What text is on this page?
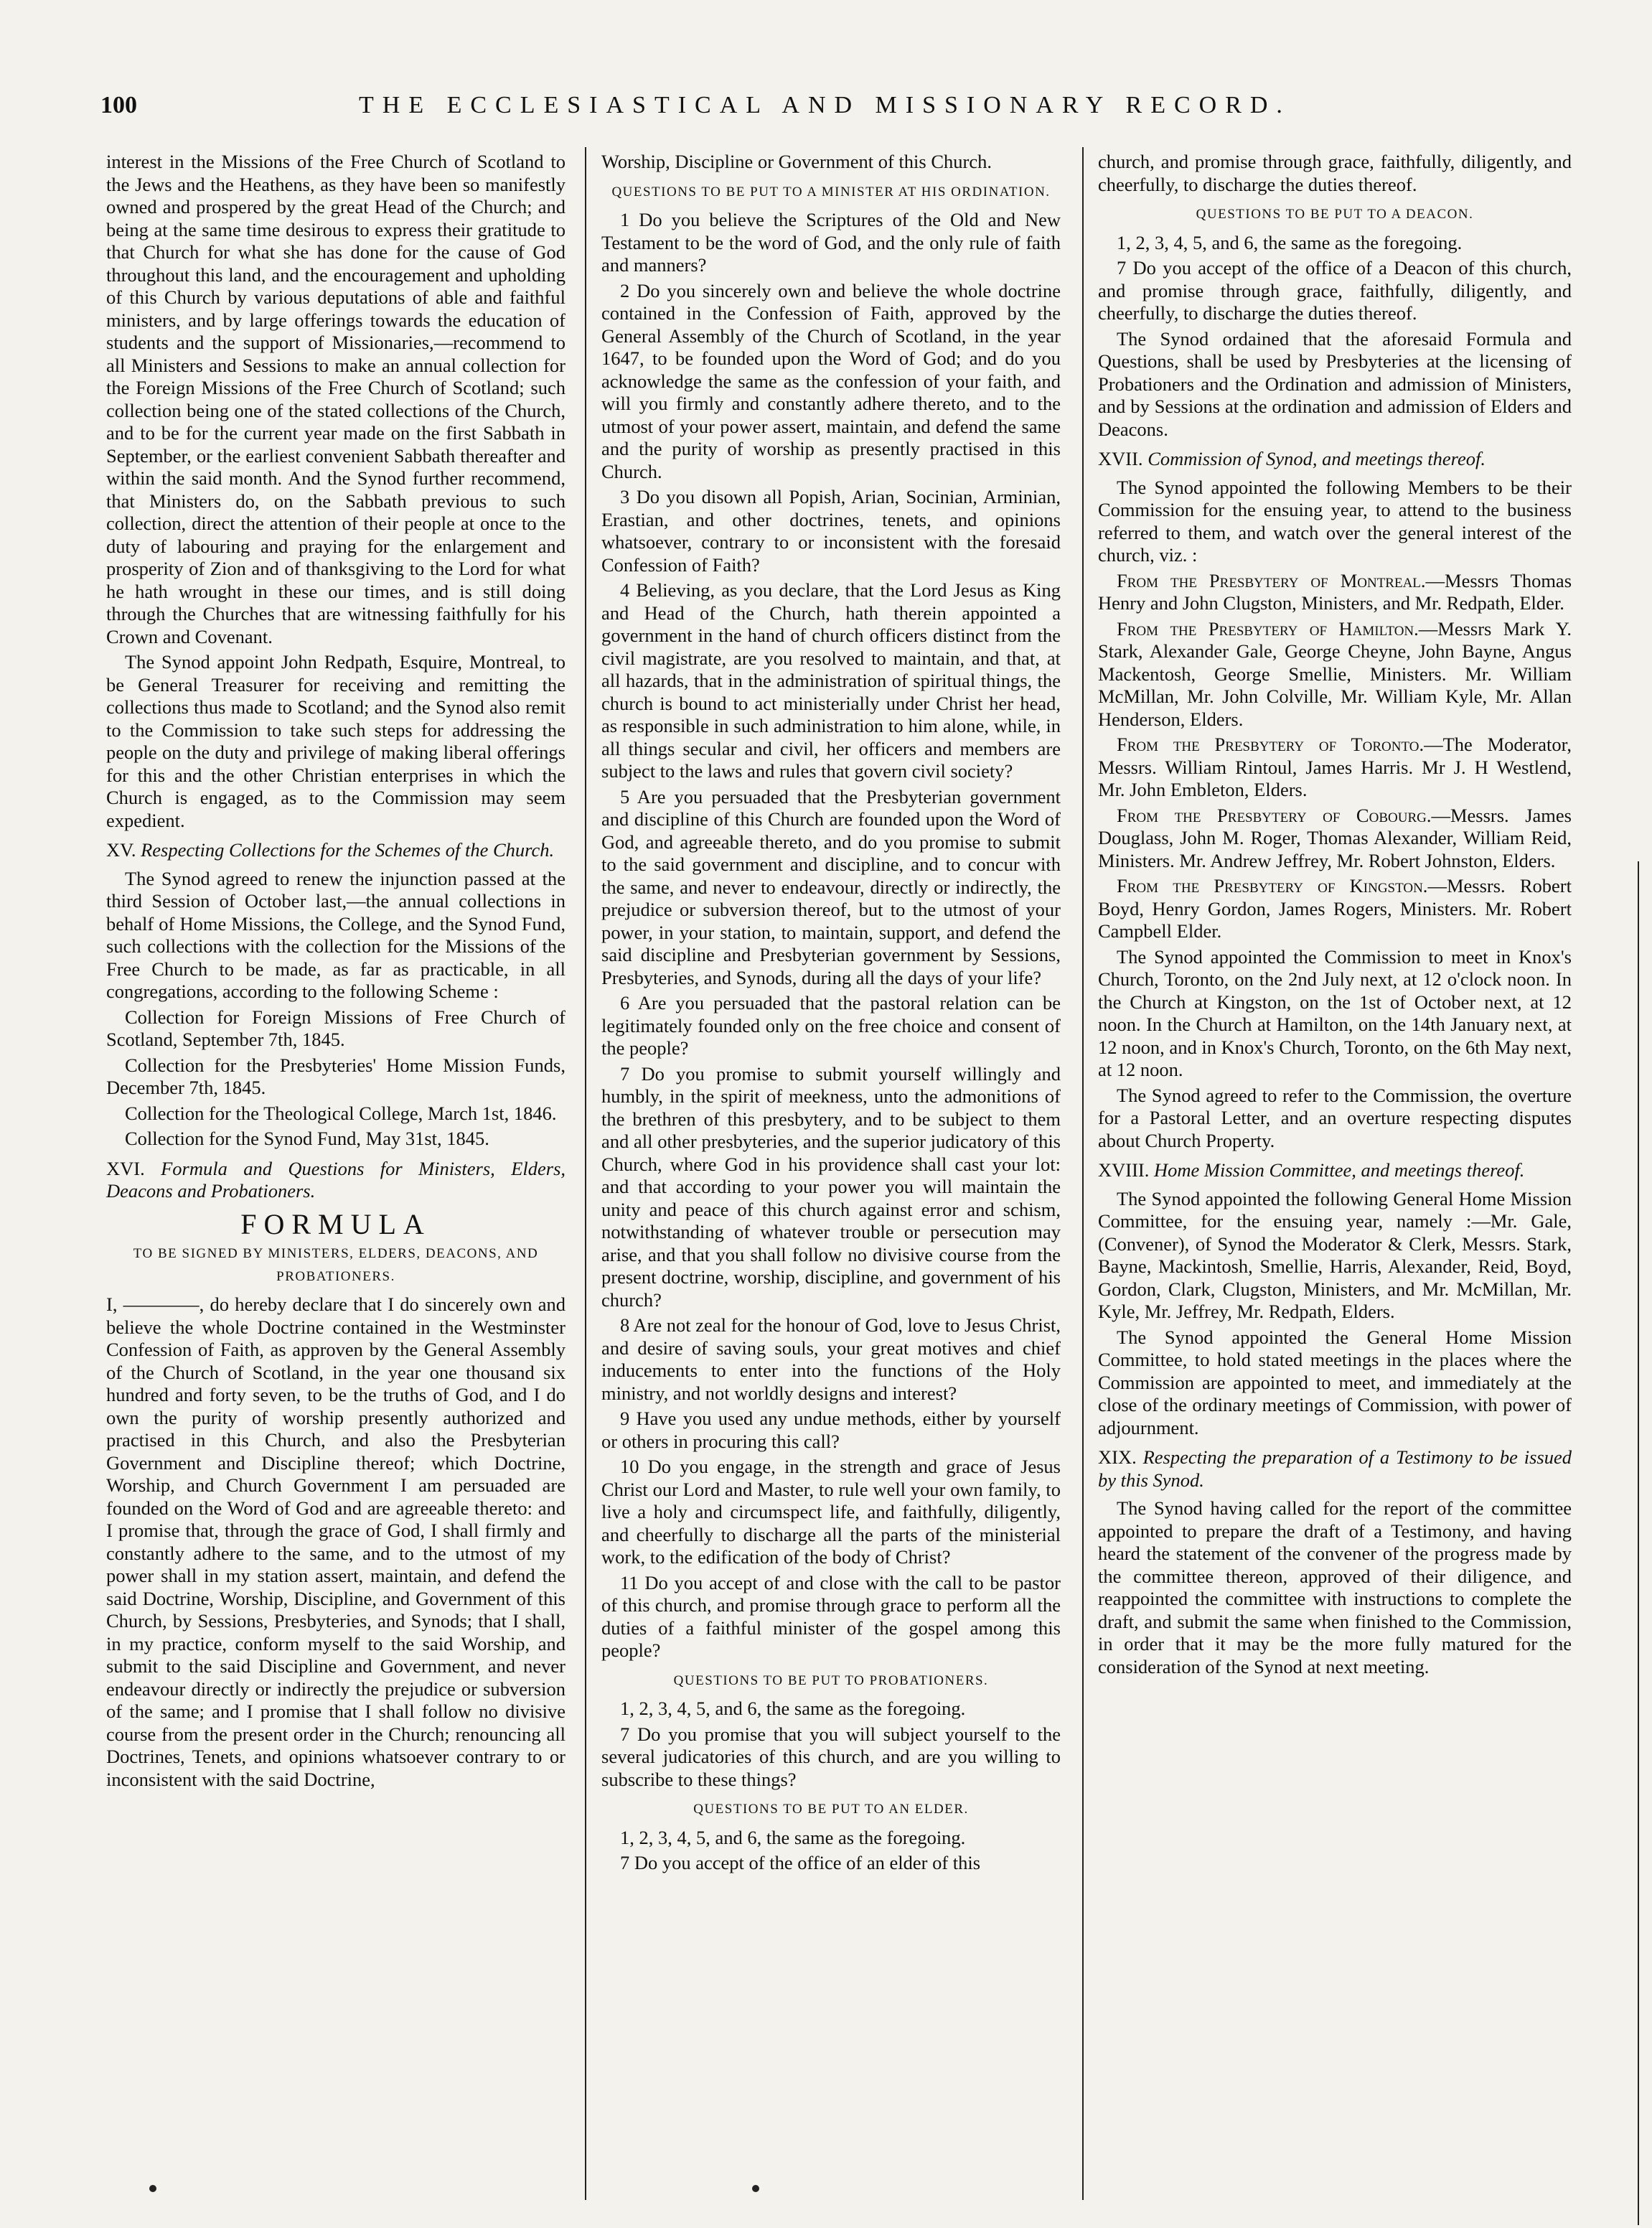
100	THE ECCLESIASTICAL AND MISSIONARY RECORD.

interest in the Missions of the Free Church of Scotland to the Jews and the Heathens, as they have been so manifestly owned and prospered by the great Head of the Church; and being at the same time desirous to express their gratitude to that Church for what she has done for the cause of God throughout this land, and the encouragement and upholding of this Church by various deputations of able and faithful ministers, and by large offerings towards the education of students and the support of Missionaries,—recommend to all Ministers and Sessions to make an annual collection for the Foreign Missions of the Free Church of Scotland; such collection being one of the stated collections of the Church, and to be for the current year made on the first Sabbath in September, or the earliest convenient Sabbath thereafter and within the said month. And the Synod further recommend, that Ministers do, on the Sabbath previous to such collection, direct the attention of their people at once to the duty of labouring and praying for the enlargement and prosperity of Zion and of thanksgiving to the Lord for what he hath wrought in these our times, and is still doing through the Churches that are witnessing faithfully for his Crown and Covenant.

The Synod appoint John Redpath, Esquire, Montreal, to be General Treasurer for receiving and remitting the collections thus made to Scotland; and the Synod also remit to the Commission to take such steps for addressing the people on the duty and privilege of making liberal offerings for this and the other Christian enterprises in which the Church is engaged, as to the Commission may seem expedient.

XV. Respecting Collections for the Schemes of the Church.

The Synod agreed to renew the injunction passed at the third Session of October last,—the annual collections in behalf of Home Missions, the College, and the Synod Fund, such collections with the collection for the Missions of the Free Church to be made, as far as practicable, in all congregations, according to the following Scheme :

Collection for Foreign Missions of Free Church of Scotland, September 7th, 1845.

Collection for the Presbyteries' Home Mission Funds, December 7th, 1845.

Collection for the Theological College, March 1st, 1846.

Collection for the Synod Fund, May 31st, 1845.

XVI. Formula and Questions for Ministers, Elders, Deacons and Probationers.

FORMULA

TO BE SIGNED BY MINISTERS, ELDERS, DEACONS, AND PROBATIONERS.

I, ————, do hereby declare that I do sincerely own and believe the whole Doctrine contained in the Westminster Confession of Faith, as approven by the General Assembly of the Church of Scotland, in the year one thousand six hundred and forty seven, to be the truths of God, and I do own the purity of worship presently authorized and practised in this Church, and also the Presbyterian Government and Discipline thereof; which Doctrine, Worship, and Church Government I am persuaded are founded on the Word of God and are agreeable thereto: and I promise that, through the grace of God, I shall firmly and constantly adhere to the same, and to the utmost of my power shall in my station assert, maintain, and defend the said Doctrine, Worship, Discipline, and Government of this Church, by Sessions, Presbyteries, and Synods; that I shall, in my practice, conform myself to the said Worship, and submit to the said Discipline and Government, and never endeavour directly or indirectly the prejudice or subversion of the same; and I promise that I shall follow no divisive course from the present order in the Church; renouncing all Doctrines, Tenets, and opinions whatsoever contrary to or inconsistent with the said Doctrine,

Worship, Discipline or Government of this Church.

QUESTIONS TO BE PUT TO A MINISTER AT HIS ORDINATION.

1 Do you believe the Scriptures of the Old and New Testament to be the word of God, and the only rule of faith and manners?

2 Do you sincerely own and believe the whole doctrine contained in the Confession of Faith, approved by the General Assembly of the Church of Scotland, in the year 1647, to be founded upon the Word of God; and do you acknowledge the same as the confession of your faith, and will you firmly and constantly adhere thereto, and to the utmost of your power assert, maintain, and defend the same and the purity of worship as presently practised in this Church.

3 Do you disown all Popish, Arian, Socinian, Arminian, Erastian, and other doctrines, tenets, and opinions whatsoever, contrary to or inconsistent with the foresaid Confession of Faith?

4 Believing, as you declare, that the Lord Jesus as King and Head of the Church, hath therein appointed a government in the hand of church officers distinct from the civil magistrate, are you resolved to maintain, and that, at all hazards, that in the administration of spiritual things, the church is bound to act ministerially under Christ her head, as responsible in such administration to him alone, while, in all things secular and civil, her officers and members are subject to the laws and rules that govern civil society?

5 Are you persuaded that the Presbyterian government and discipline of this Church are founded upon the Word of God, and agreeable thereto, and do you promise to submit to the said government and discipline, and to concur with the same, and never to endeavour, directly or indirectly, the prejudice or subversion thereof, but to the utmost of your power, in your station, to maintain, support, and defend the said discipline and Presbyterian government by Sessions, Presbyteries, and Synods, during all the days of your life?

6 Are you persuaded that the pastoral relation can be legitimately founded only on the free choice and consent of the people?

7 Do you promise to submit yourself willingly and humbly, in the spirit of meekness, unto the admonitions of the brethren of this presbytery, and to be subject to them and all other presbyteries, and the superior judicatory of this Church, where God in his providence shall cast your lot: and that according to your power you will maintain the unity and peace of this church against error and schism, notwithstanding of whatever trouble or persecution may arise, and that you shall follow no divisive course from the present doctrine, worship, discipline, and government of his church?

8 Are not zeal for the honour of God, love to Jesus Christ, and desire of saving souls, your great motives and chief inducements to enter into the functions of the Holy ministry, and not worldly designs and interest?

9 Have you used any undue methods, either by yourself or others in procuring this call?

10 Do you engage, in the strength and grace of Jesus Christ our Lord and Master, to rule well your own family, to live a holy and circumspect life, and faithfully, diligently, and cheerfully to discharge all the parts of the ministerial work, to the edification of the body of Christ?

11 Do you accept of and close with the call to be pastor of this church, and promise through grace to perform all the duties of a faithful minister of the gospel among this people?

QUESTIONS TO BE PUT TO PROBATIONERS.

1, 2, 3, 4, 5, and 6, the same as the foregoing.

7 Do you promise that you will subject yourself to the several judicatories of this church, and are you willing to subscribe to these things?

QUESTIONS TO BE PUT TO AN ELDER.

1, 2, 3, 4, 5, and 6, the same as the foregoing.

7 Do you accept of the office of an elder of this

church, and promise through grace, faithfully, diligently, and cheerfully, to discharge the duties thereof.

QUESTIONS TO BE PUT TO A DEACON.

1, 2, 3, 4, 5, and 6, the same as the foregoing.

7 Do you accept of the office of a Deacon of this church, and promise through grace, faithfully, diligently, and cheerfully, to discharge the duties thereof.

The Synod ordained that the aforesaid Formula and Questions, shall be used by Presbyteries at the licensing of Probationers and the Ordination and admission of Ministers, and by Sessions at the ordination and admission of Elders and Deacons.

XVII. Commission of Synod, and meetings thereof.

The Synod appointed the following Members to be their Commission for the ensuing year, to attend to the business referred to them, and watch over the general interest of the church, viz. :

From the Presbytery of Montreal.—Messrs Thomas Henry and John Clugston, Ministers, and Mr. Redpath, Elder.

From the Presbytery of Hamilton.—Messrs Mark Y. Stark, Alexander Gale, George Cheyne, John Bayne, Angus Mackentosh, George Smellie, Ministers. Mr. William McMillan, Mr. John Colville, Mr. William Kyle, Mr. Allan Henderson, Elders.

From the Presbytery of Toronto.—The Moderator, Messrs. William Rintoul, James Harris. Mr J. H Westlend, Mr. John Embleton, Elders.

From the Presbytery of Cobourg.—Messrs. James Douglass, John M. Roger, Thomas Alexander, William Reid, Ministers. Mr. Andrew Jeffrey, Mr. Robert Johnston, Elders.

From the Presbytery of Kingston.—Messrs. Robert Boyd, Henry Gordon, James Rogers, Ministers. Mr. Robert Campbell Elder.

The Synod appointed the Commission to meet in Knox's Church, Toronto, on the 2nd July next, at 12 o'clock noon. In the Church at Kingston, on the 1st of October next, at 12 noon. In the Church at Hamilton, on the 14th January next, at 12 noon, and in Knox's Church, Toronto, on the 6th May next, at 12 noon.

The Synod agreed to refer to the Commission, the overture for a Pastoral Letter, and an overture respecting disputes about Church Property.

XVIII. Home Mission Committee, and meetings thereof.

The Synod appointed the following General Home Mission Committee, for the ensuing year, namely :—Mr. Gale, (Convener), of Synod the Moderator & Clerk, Messrs. Stark, Bayne, Mackintosh, Smellie, Harris, Alexander, Reid, Boyd, Gordon, Clark, Clugston, Ministers, and Mr. McMillan, Mr. Kyle, Mr. Jeffrey, Mr. Redpath, Elders.

The Synod appointed the General Home Mission Committee, to hold stated meetings in the places where the Commission are appointed to meet, and immediately at the close of the ordinary meetings of Commission, with power of adjournment.

XIX. Respecting the preparation of a Testimony to be issued by this Synod.

The Synod having called for the report of the committee appointed to prepare the draft of a Testimony, and having heard the statement of the convener of the progress made by the committee thereon, approved of their diligence, and reappointed the committee with instructions to complete the draft, and submit the same when finished to the Commission, in order that it may be the more fully matured for the consideration of the Synod at next meeting.
